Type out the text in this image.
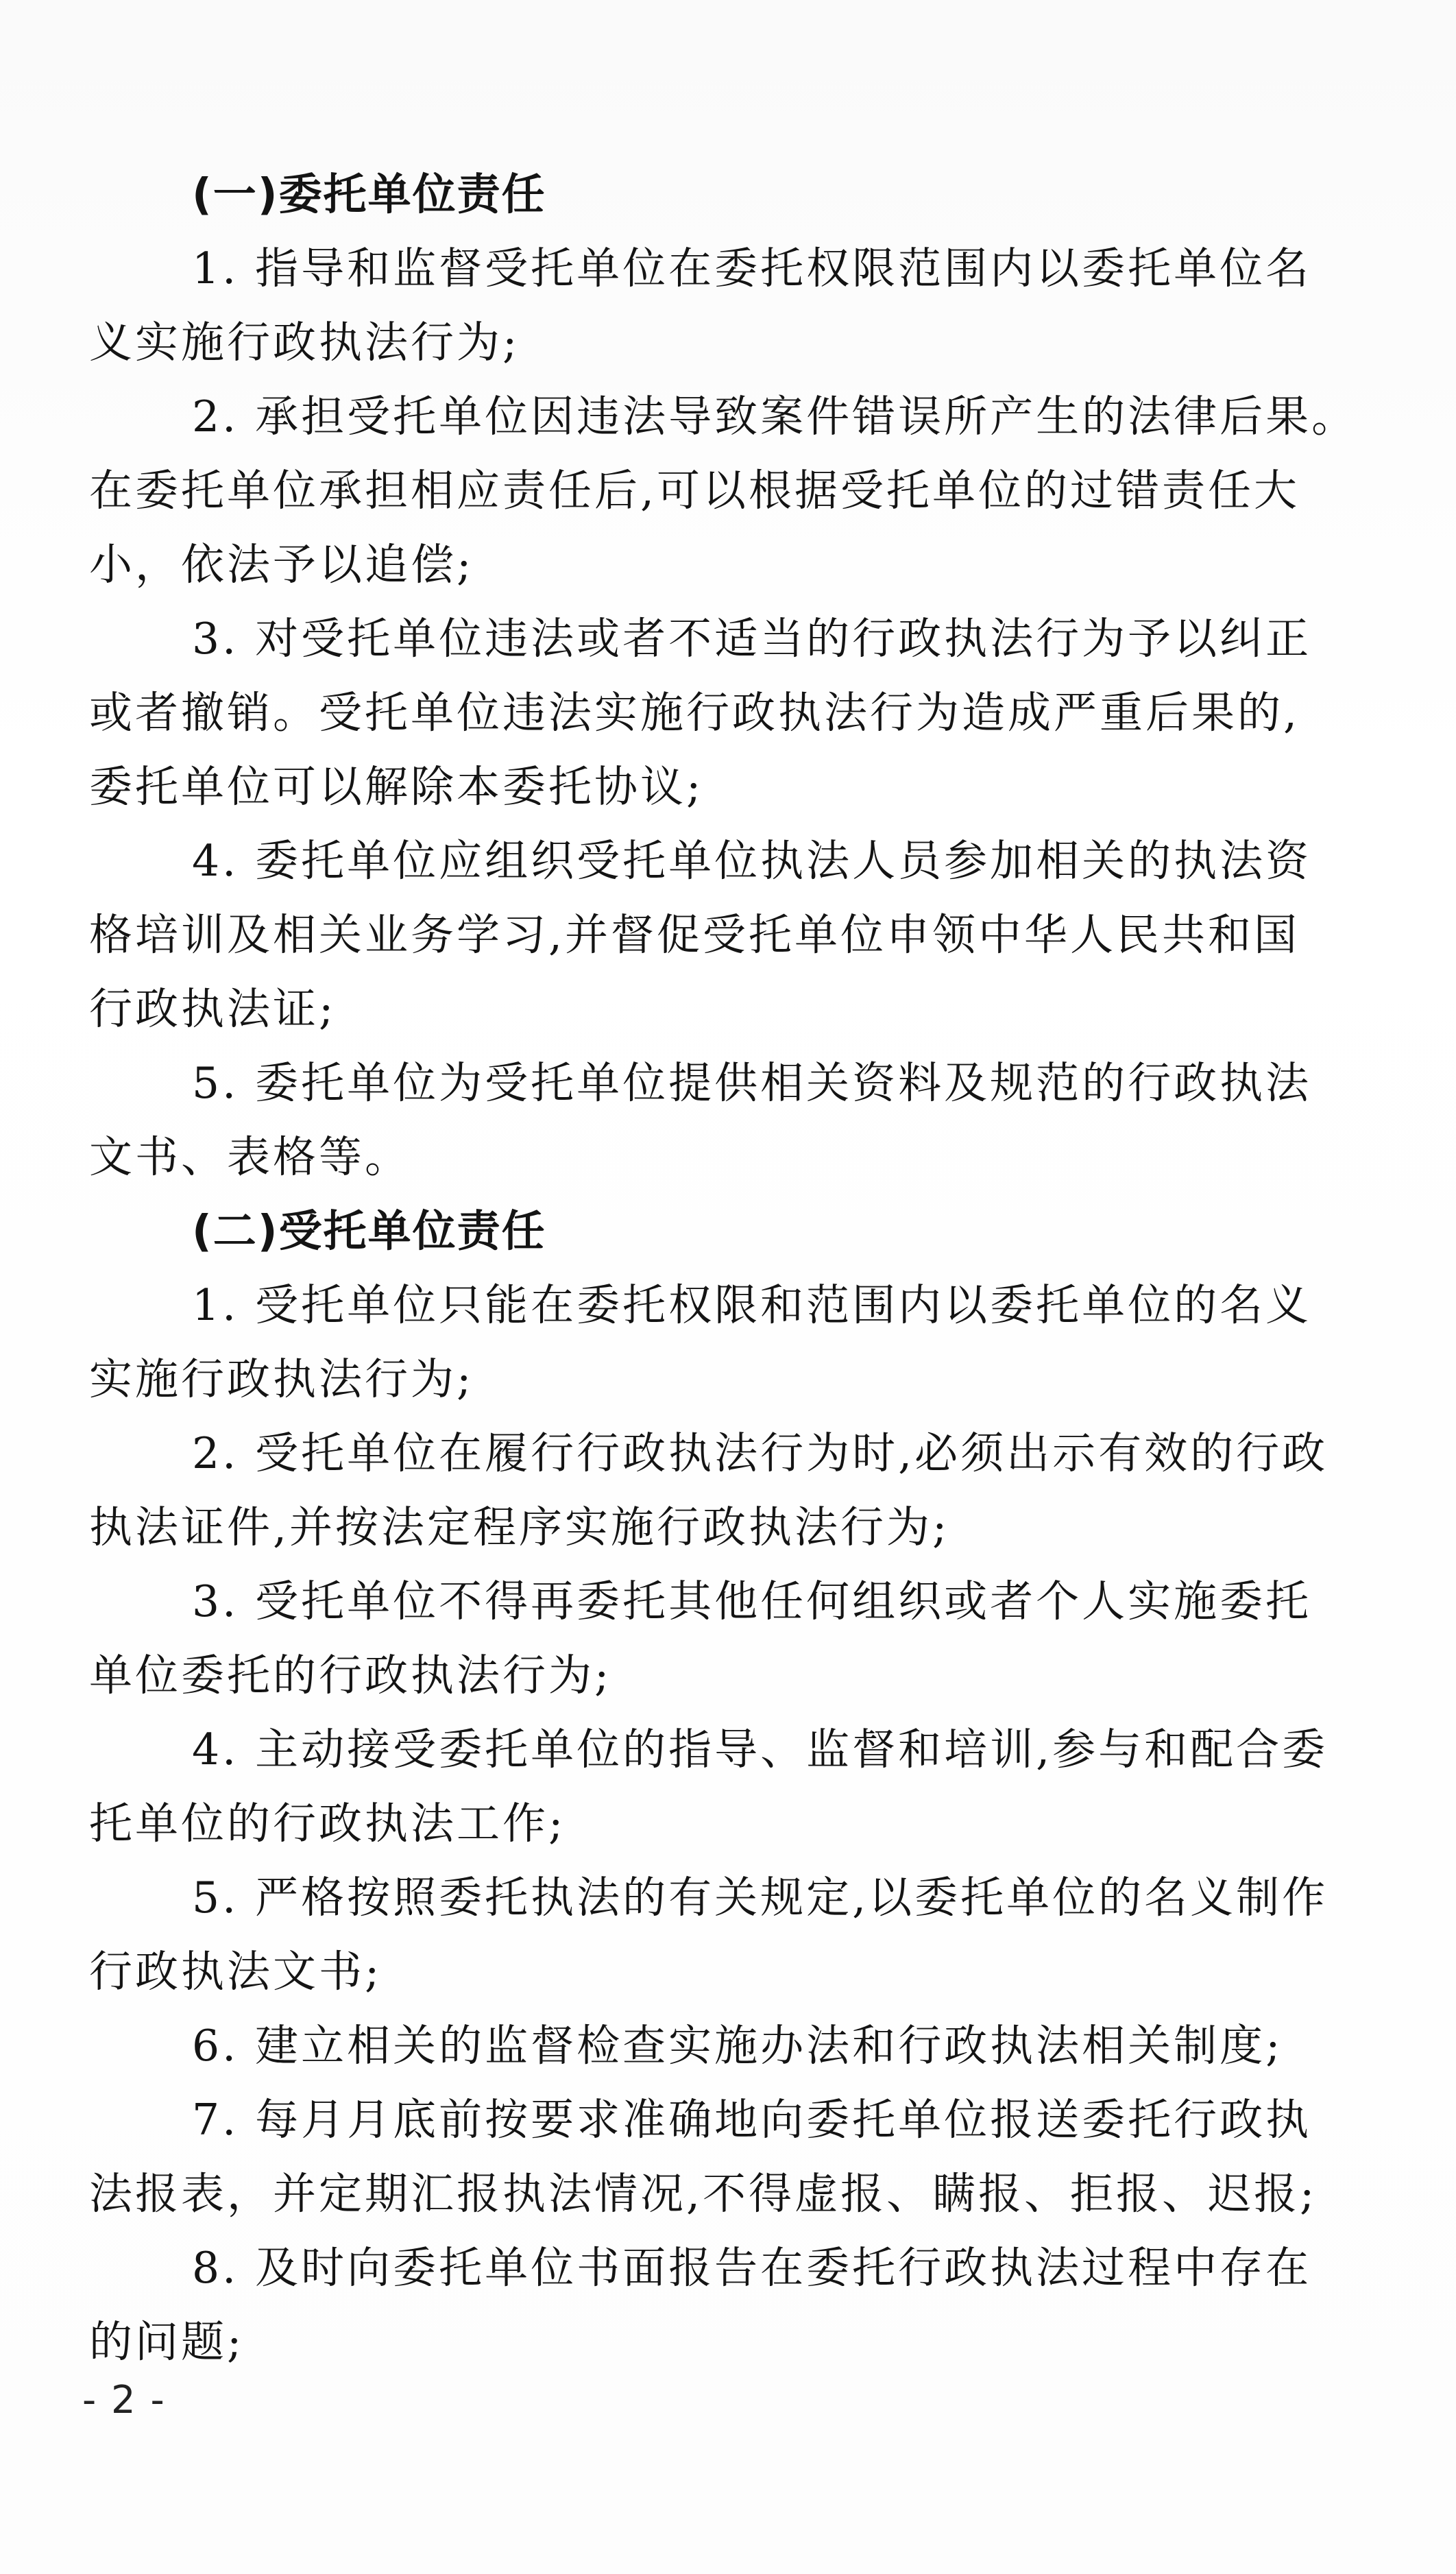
(一)委托单位责任
1. 指导和监督受托单位在委托权限范围内以委托单位名
义实施行政执法行为;
2. 承担受托单位因违法导致案件错误所产生的法律后果。
在委托单位承担相应责任后,可以根据受托单位的过错责任大
小，依法予以追偿;
3. 对受托单位违法或者不适当的行政执法行为予以纠正
或者撤销。受托单位违法实施行政执法行为造成严重后果的,
委托单位可以解除本委托协议;
4. 委托单位应组织受托单位执法人员参加相关的执法资
格培训及相关业务学习,并督促受托单位申领中华人民共和国
行政执法证;
5. 委托单位为受托单位提供相关资料及规范的行政执法
文书、表格等。
(二)受托单位责任
1. 受托单位只能在委托权限和范围内以委托单位的名义
实施行政执法行为;
2. 受托单位在履行行政执法行为时,必须出示有效的行政
执法证件,并按法定程序实施行政执法行为;
3. 受托单位不得再委托其他任何组织或者个人实施委托
单位委托的行政执法行为;
4. 主动接受委托单位的指导、监督和培训,参与和配合委
托单位的行政执法工作;
5. 严格按照委托执法的有关规定,以委托单位的名义制作
行政执法文书;
6. 建立相关的监督检查实施办法和行政执法相关制度;
7. 每月月底前按要求准确地向委托单位报送委托行政执
法报表，并定期汇报执法情况,不得虚报、瞒报、拒报、迟报;
8. 及时向委托单位书面报告在委托行政执法过程中存在
的问题;
- 2 -
